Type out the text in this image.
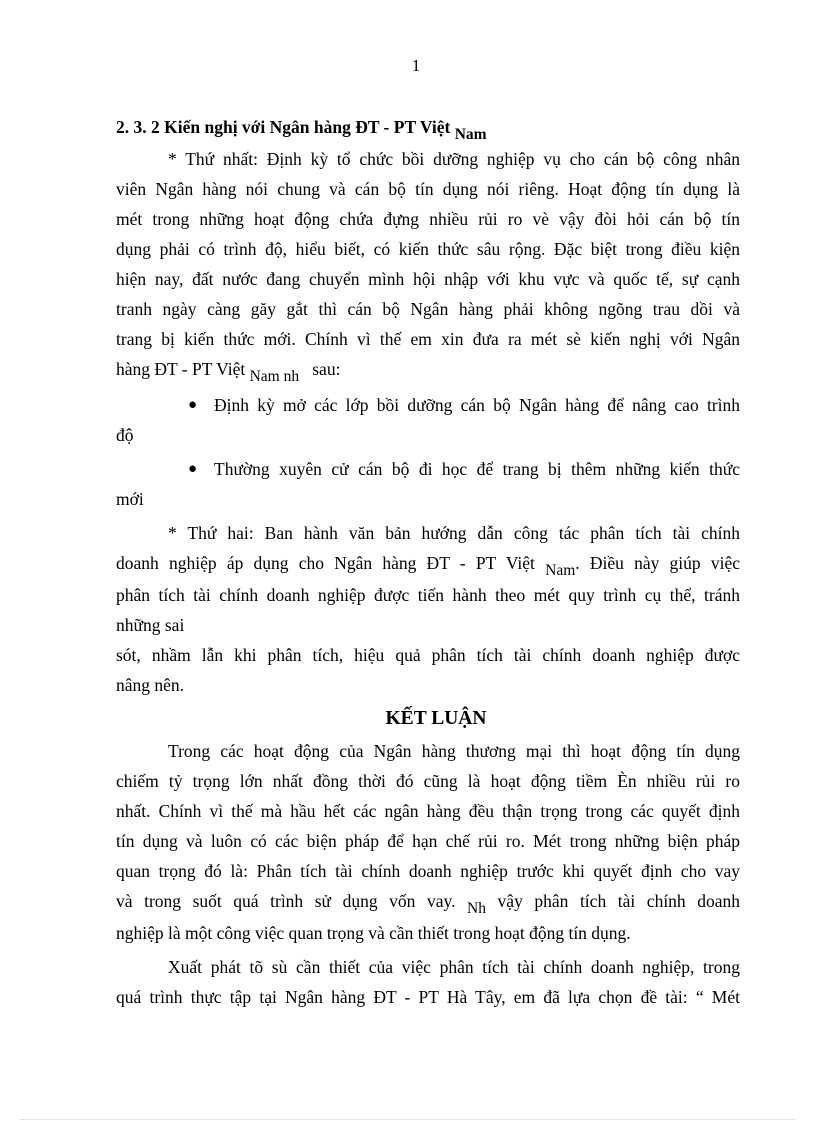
1

2. 3. 2 Kiến nghị với Ngân hàng ĐT - PT Việt Nam

* Thứ nhất: Định kỳ tổ chức bồi dưỡng nghiệp vụ cho cán bộ công nhân

viên Ngân hàng nói chung và cán bộ tín dụng nói riêng. Hoạt động tín dụng là

mét trong những hoạt động chứa đựng nhiều rủi ro vè vậy đòi hỏi cán bộ tín

dụng phải có trình độ, hiểu biết, có kiến thức sâu rộng. Đặc biệt trong điều kiện

hiện nay, đất nước đang chuyển mình hội nhập với khu vực và quốc tế, sự cạnh

tranh ngày càng găy gắt thì cán bộ Ngân hàng phải không ngõng trau dồi và

trang bị kiến thức mới. Chính vì thế em xin đưa ra mét sè kiến nghị với Ngân

hàng ĐT - PT Việt Nam nh sau:

● Định kỳ mở các lớp bồi dưỡng cán bộ Ngân hàng để nâng cao trình

độ

● Thường xuyên cử cán bộ đi học để trang bị thêm những kiến thức

mới

* Thứ hai: Ban hành văn bản hướng dẫn công tác phân tích tài chính

doanh nghiệp áp dụng cho Ngân hàng ĐT - PT Việt Nam. Điều này giúp việc

phân tích tài chính doanh nghiệp được tiến hành theo mét quy trình cụ thể, tránh

những sai

sót, nhầm lẫn khi phân tích, hiệu quả phân tích tài chính doanh nghiệp được

nâng nên.

KẾT LUẬN

Trong các hoạt động của Ngân hàng thương mại thì hoạt động tín dụng

chiếm tỷ trọng lớn nhất đồng thời đó cũng là hoạt động tiềm Èn nhiều rủi ro

nhất. Chính vì thế mà hầu hết các ngân hàng đều thận trọng trong các quyết định

tín dụng và luôn có các biện pháp để hạn chế rủi ro. Mét trong những biện pháp

quan trọng đó là: Phân tích tài chính doanh nghiệp trước khi quyết định cho vay

và trong suốt quá trình sử dụng vốn vay. Nh vậy phân tích tài chính doanh

nghiệp là một công việc quan trọng và cần thiết trong hoạt động tín dụng.

Xuất phát tõ sù cần thiết của việc phân tích tài chính doanh nghiệp, trong

quá trình thực tập tại Ngân hàng ĐT - PT Hà Tây, em đã lựa chọn đề tài: “ Mét
